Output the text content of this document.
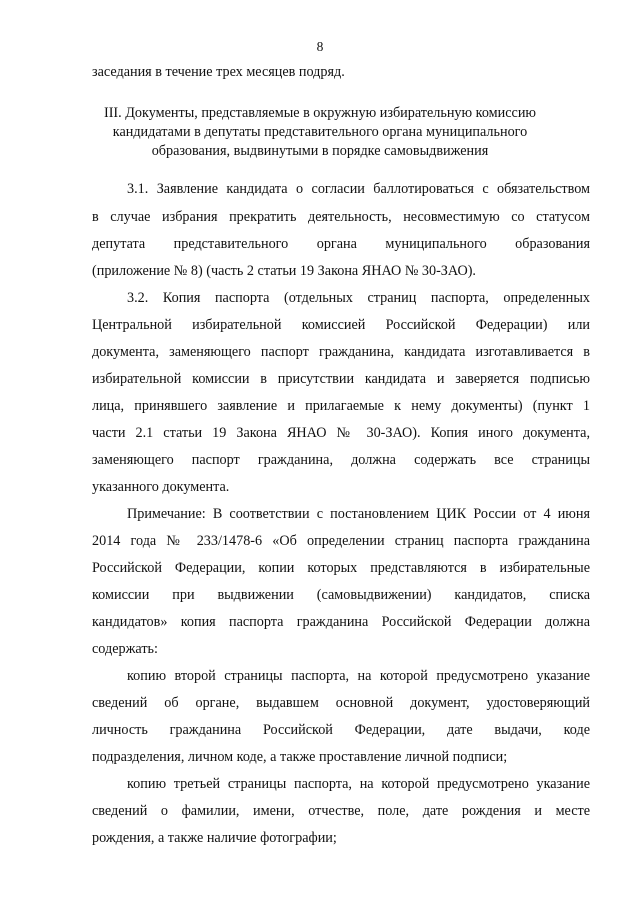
8
заседания в течение трех месяцев подряд.
III. Документы, представляемые в окружную избирательную комиссию
кандидатами в депутаты представительного органа муниципального
образования, выдвинутыми в порядке самовыдвижения
3.1. Заявление кандидата о согласии баллотироваться с обязательством
в случае избрания прекратить деятельность, несовместимую со статусом
депутата представительного органа муниципального образования
(приложение № 8) (часть 2 статьи 19 Закона ЯНАО № 30-ЗАО).
3.2. Копия паспорта (отдельных страниц паспорта, определенных
Центральной избирательной комиссией Российской Федерации) или
документа, заменяющего паспорт гражданина, кандидата изготавливается в
избирательной комиссии в присутствии кандидата и заверяется подписью
лица, принявшего заявление и прилагаемые к нему документы) (пункт 1
части 2.1 статьи 19 Закона ЯНАО № 30-ЗАО). Копия иного документа,
заменяющего паспорт гражданина, должна содержать все страницы
указанного документа.
Примечание: В соответствии с постановлением ЦИК России от 4 июня
2014 года № 233/1478-6 «Об определении страниц паспорта гражданина
Российской Федерации, копии которых представляются в избирательные
комиссии при выдвижении (самовыдвижении) кандидатов, списка
кандидатов» копия паспорта гражданина Российской Федерации должна
содержать:
копию второй страницы паспорта, на которой предусмотрено указание
сведений об органе, выдавшем основной документ, удостоверяющий
личность гражданина Российской Федерации, дате выдачи, коде
подразделения, личном коде, а также проставление личной подписи;
копию третьей страницы паспорта, на которой предусмотрено указание
сведений о фамилии, имени, отчестве, поле, дате рождения и месте
рождения, а также наличие фотографии;
